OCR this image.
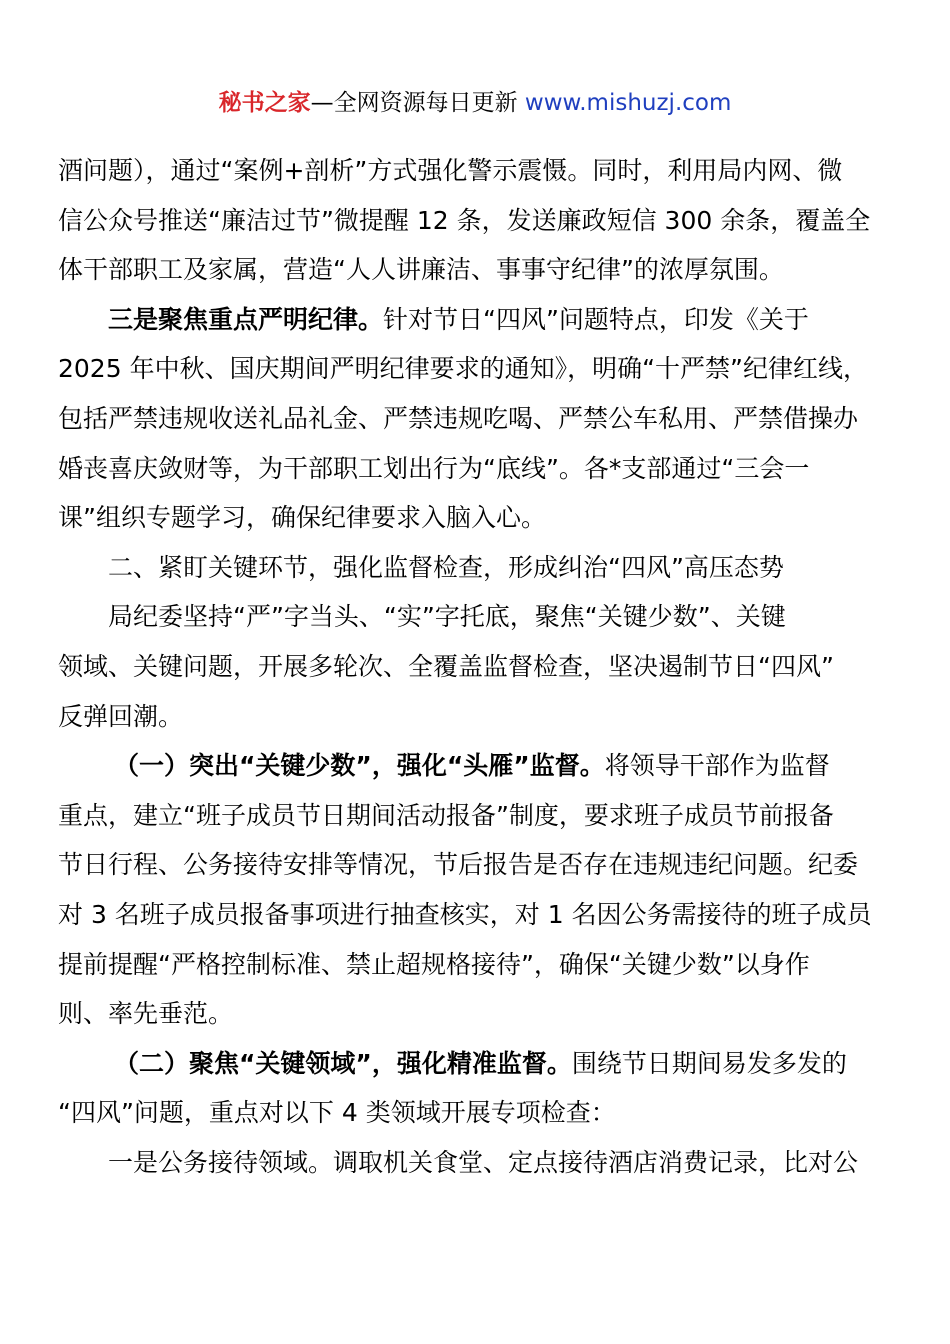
秘书之家—全网资源每日更新 www.mishuzj.com
酒问题），通过“案例+剖析”方式强化警示震慑。同时，利用局内网、微
信公众号推送“廉洁过节”微提醒 12 条，发送廉政短信 300 余条，覆盖全
体干部职工及家属，营造“人人讲廉洁、事事守纪律”的浓厚氛围。
三是聚焦重点严明纪律。针对节日“四风”问题特点，印发《关于
2025 年中秋、国庆期间严明纪律要求的通知》，明确“十严禁”纪律红线，
包括严禁违规收送礼品礼金、严禁违规吃喝、严禁公车私用、严禁借操办
婚丧喜庆敛财等，为干部职工划出行为“底线”。各*支部通过“三会一
课”组织专题学习，确保纪律要求入脑入心。
二、紧盯关键环节，强化监督检查，形成纠治“四风”高压态势
局纪委坚持“严”字当头、“实”字托底，聚焦“关键少数”、关键
领域、关键问题，开展多轮次、全覆盖监督检查，坚决遏制节日“四风”
反弹回潮。
（一）突出“关键少数”，强化“头雁”监督。将领导干部作为监督
重点，建立“班子成员节日期间活动报备”制度，要求班子成员节前报备
节日行程、公务接待安排等情况，节后报告是否存在违规违纪问题。纪委
对 3 名班子成员报备事项进行抽查核实，对 1 名因公务需接待的班子成员
提前提醒“严格控制标准、禁止超规格接待”，确保“关键少数”以身作
则、率先垂范。
（二）聚焦“关键领域”，强化精准监督。围绕节日期间易发多发的
“四风”问题，重点对以下 4 类领域开展专项检查：
一是公务接待领域。调取机关食堂、定点接待酒店消费记录，比对公
